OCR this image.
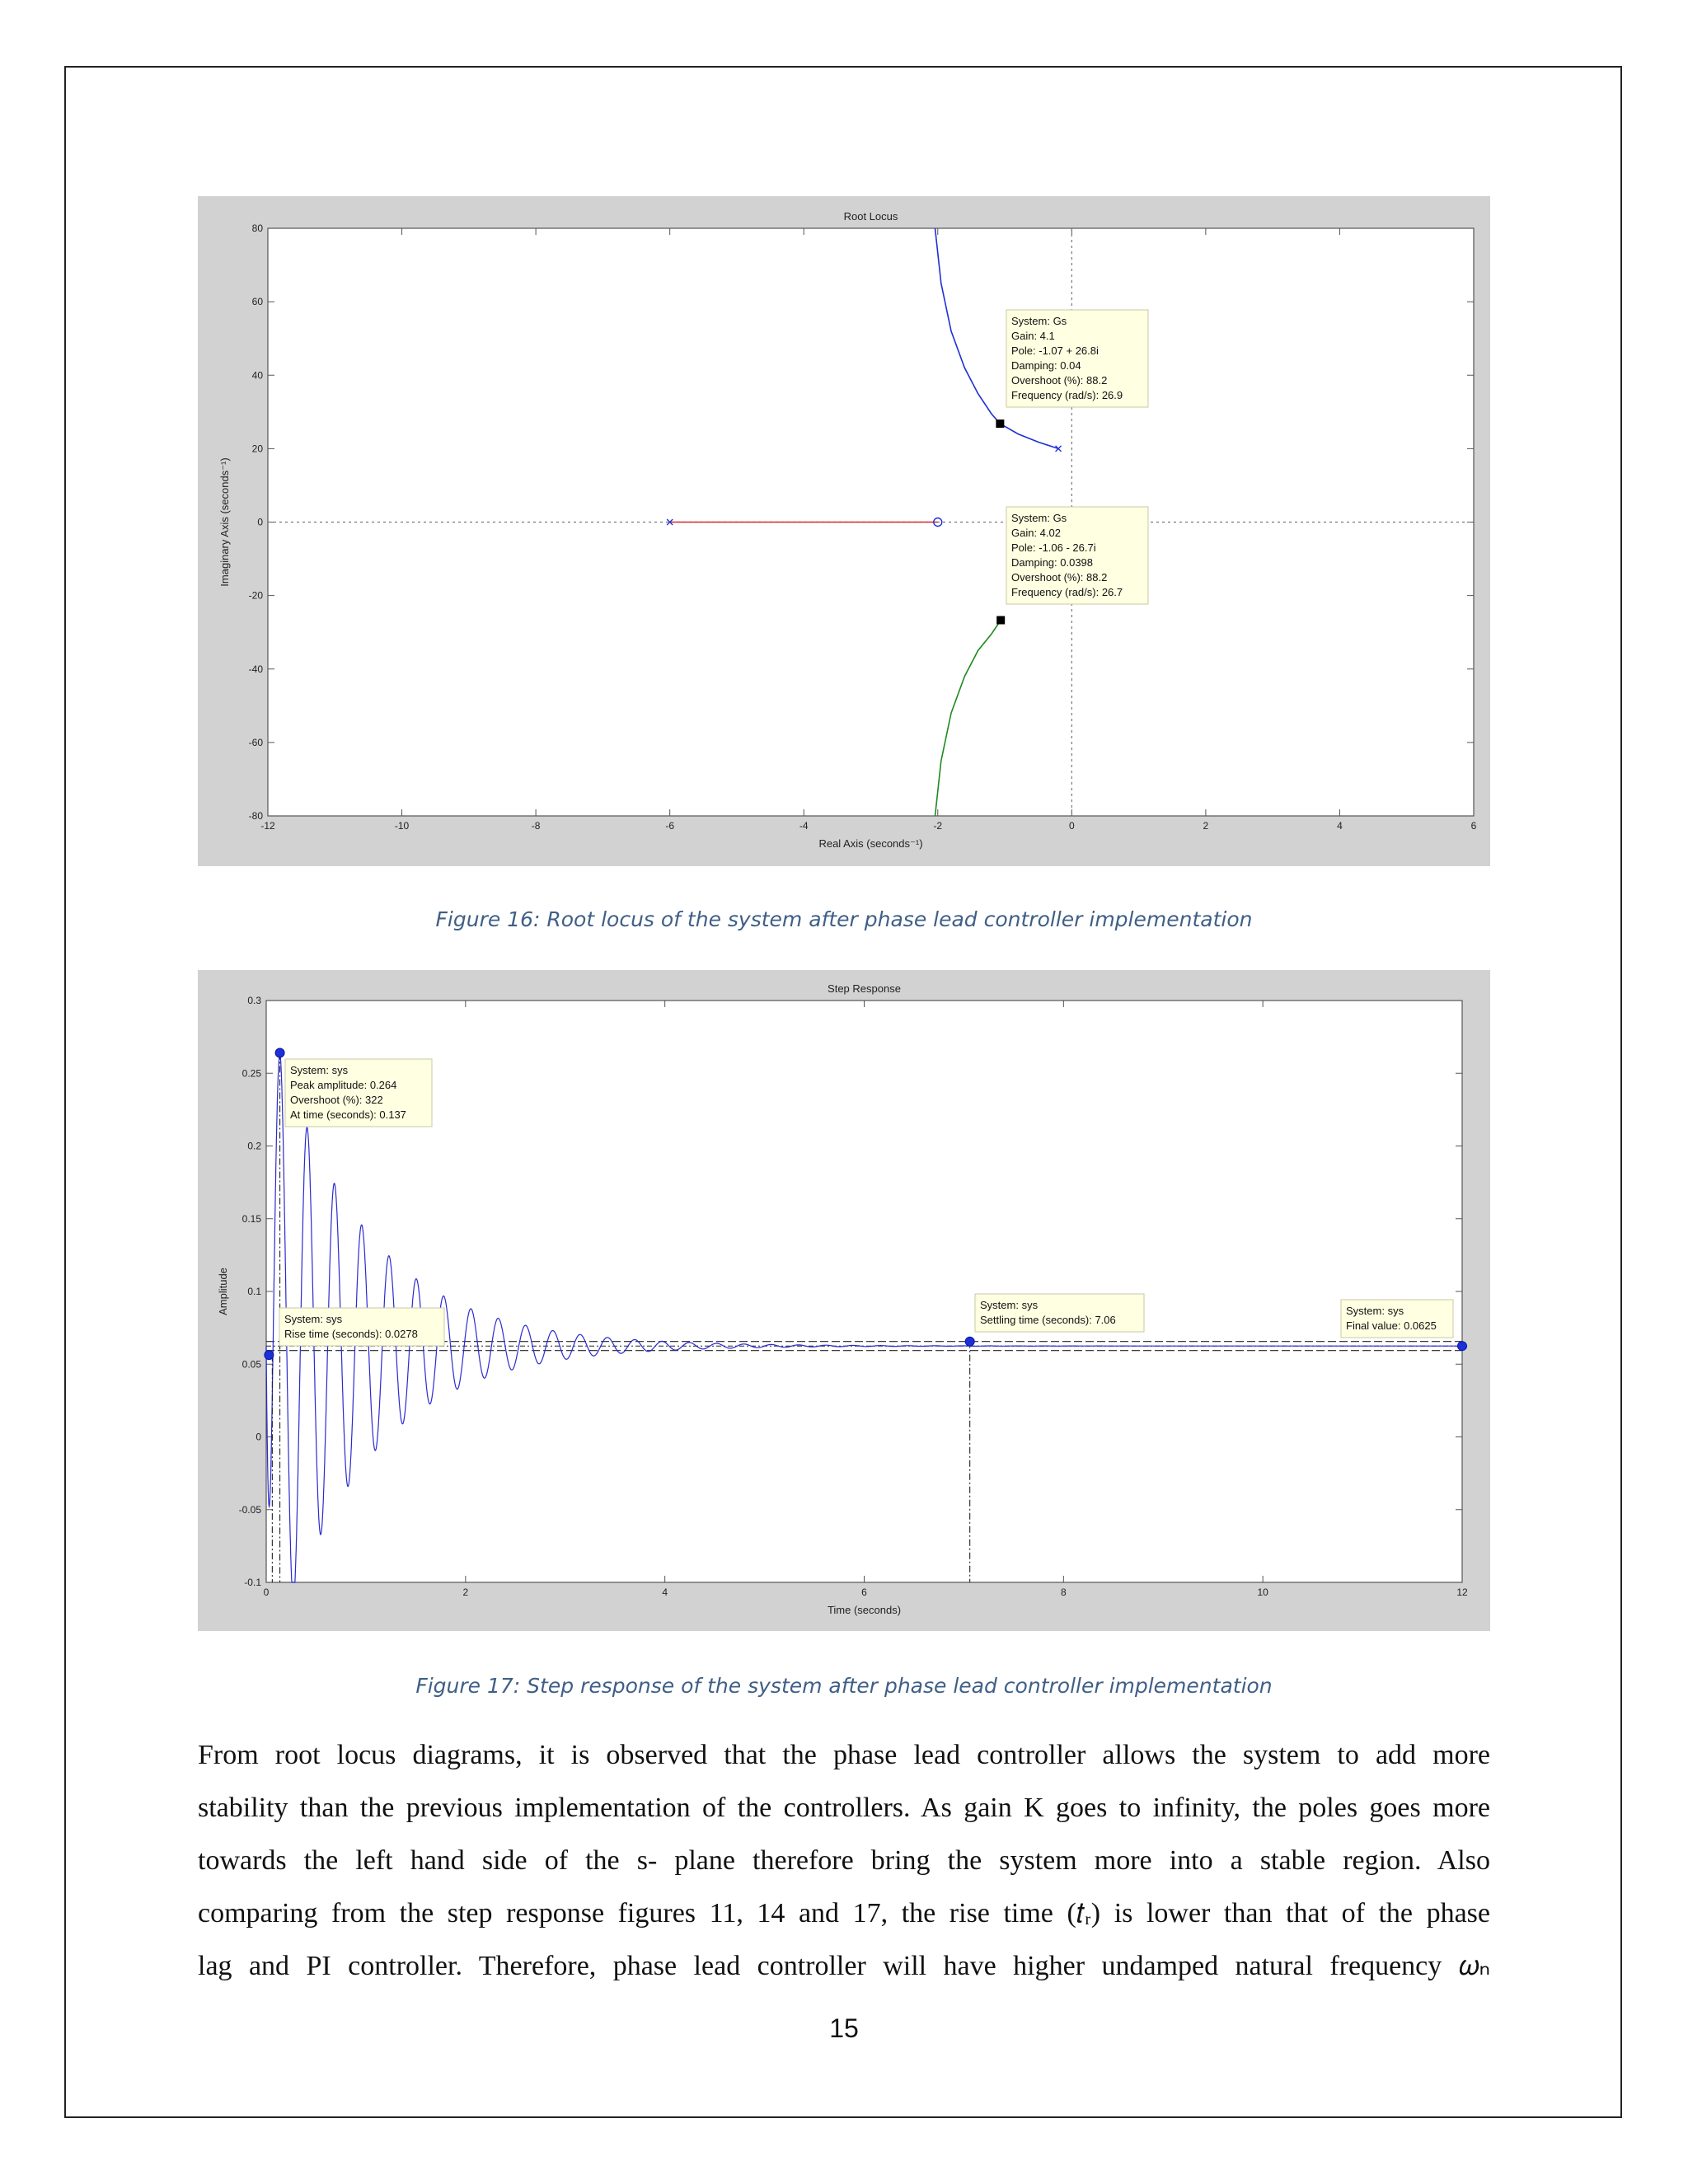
-12	-10	-8	-6	-4	-2	0	2	4	6
-80
-60
-40
-20
0
20
40
60
80
Root Locus
Real Axis (seconds⁻¹)
Imaginary Axis (seconds⁻¹)
System: Gs
Gain: 4.1
Pole: -1.07 + 26.8i
Damping: 0.04
Overshoot (%): 88.2
Frequency (rad/s): 26.9
System: Gs
Gain: 4.02
Pole: -1.06 - 26.7i
Damping: 0.0398
Overshoot (%): 88.2
Frequency (rad/s): 26.7
Figure 16: Root locus of the system after phase lead controller implementation
0	2	4	6	8	10	12
-0.1
-0.05
0
0.05
0.1
0.15
0.2
0.25
0.3
Step Response
Time (seconds)
Amplitude
System: sys
Peak amplitude: 0.264
Overshoot (%): 322
At time (seconds): 0.137
System: sys
Rise time (seconds): 0.0278
System: sys
Settling time (seconds): 7.06
System: sys
Final value: 0.0625
Figure 17: Step response of the system after phase lead controller implementation
From root locus diagrams, it is observed that the phase lead controller allows the system to add more
stability than the previous implementation of the controllers. As gain K goes to infinity, the poles goes more
towards the left hand side of the s- plane therefore bring the system more into a stable region. Also
comparing from the step response figures 11, 14 and 17, the rise time (𝑡ᵣ) is lower than that of the phase
lag and PI controller. Therefore, phase lead controller will have higher undamped natural frequency 𝜔ₙ
15
